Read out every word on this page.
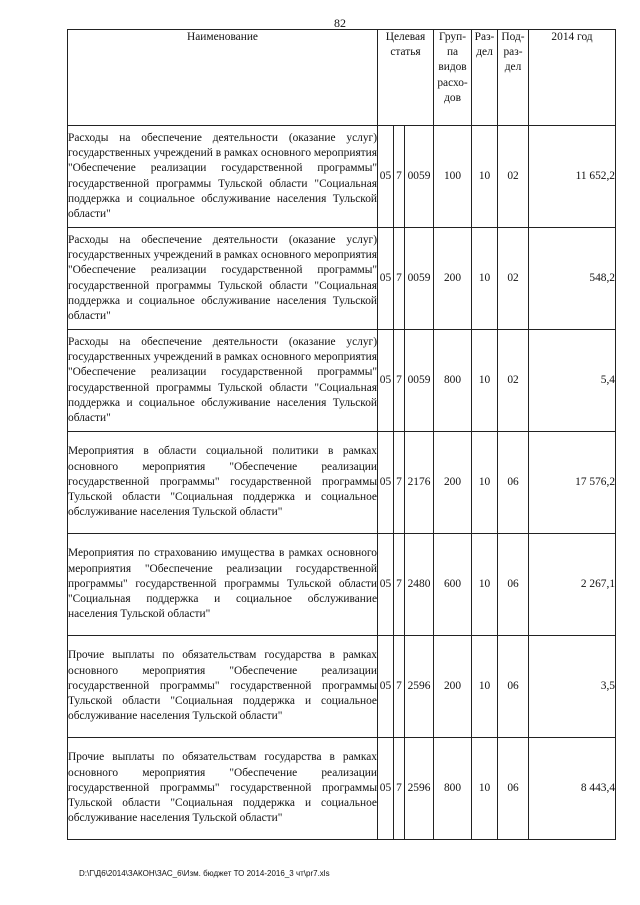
82
Наименование	Целевая статья			Груп-па видов расхо-дов	Раз-дел	Под-раз-дел	2014 год
Расходы на обеспечение деятельности (оказание услуг) государственных учреждений в рамках основного мероприятия "Обеспечение реализации государственной программы" государственной программы Тульской области "Социальная поддержка и социальное обслуживание населения Тульской области"	05	7	0059	100	10	02	11 652,2
Расходы на обеспечение деятельности (оказание услуг) государственных учреждений в рамках основного мероприятия "Обеспечение реализации государственной программы" государственной программы Тульской области "Социальная поддержка и социальное обслуживание населения Тульской области"	05	7	0059	200	10	02	548,2
Расходы на обеспечение деятельности (оказание услуг) государственных учреждений в рамках основного мероприятия "Обеспечение реализации государственной программы" государственной программы Тульской области "Социальная поддержка и социальное обслуживание населения Тульской области"	05	7	0059	800	10	02	5,4
Мероприятия в области социальной политики в рамках основного мероприятия "Обеспечение реализации государственной программы" государственной программы Тульской области "Социальная поддержка и социальное обслуживание населения Тульской области"	05	7	2176	200	10	06	17 576,2
Мероприятия по страхованию имущества в рамках основного мероприятия "Обеспечение реализации государственной программы" государственной программы Тульской области "Социальная поддержка и социальное обслуживание населения Тульской области"	05	7	2480	600	10	06	2 267,1
Прочие выплаты по обязательствам государства в рамках основного мероприятия "Обеспечение реализации государственной программы" государственной программы Тульской области "Социальная поддержка и социальное обслуживание населения Тульской области"	05	7	2596	200	10	06	3,5
Прочие выплаты по обязательствам государства в рамках основного мероприятия "Обеспечение реализации государственной программы" государственной программы Тульской области "Социальная поддержка и социальное обслуживание населения Тульской области"	05	7	2596	800	10	06	8 443,4
D:\Г\Д6\2014\ЗАКОН\ЗАС_6\Изм. бюджет ТО 2014-2016_3 чт\pr7.xls
